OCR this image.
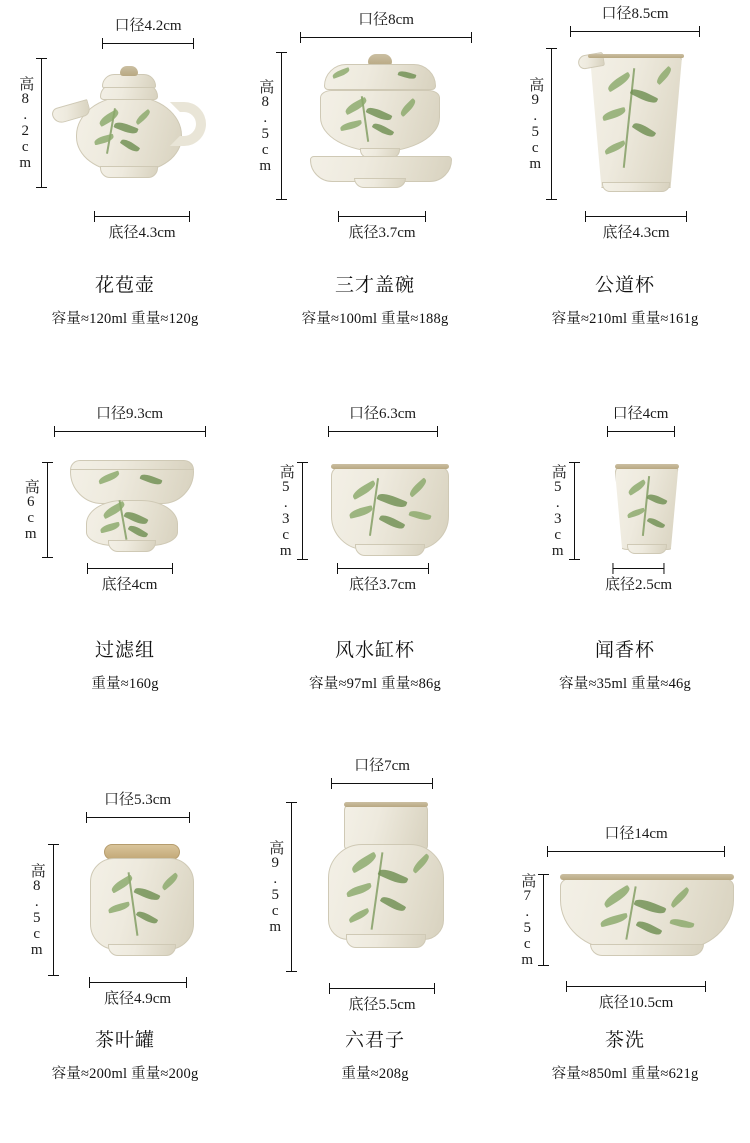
口径4.2cm
高8.2cm
底径4.3cm
花苞壶
容量≈120ml 重量≈120g
口径8cm
高8.5cm
底径3.7cm
三才盖碗
容量≈100ml 重量≈188g
口径8.5cm
高9.5cm
底径4.3cm
公道杯
容量≈210ml 重量≈161g
口径9.3cm
高6cm
底径4cm
过滤组
重量≈160g
口径6.3cm
高5.3cm
底径3.7cm
风水缸杯
容量≈97ml 重量≈86g
口径4cm
高5.3cm
底径2.5cm
闻香杯
容量≈35ml 重量≈46g
口径5.3cm
高8.5cm
底径4.9cm
茶叶罐
容量≈200ml 重量≈200g
口径7cm
高9.5cm
底径5.5cm
六君子
重量≈208g
口径14cm
高7.5cm
底径10.5cm
茶洗
容量≈850ml 重量≈621g
